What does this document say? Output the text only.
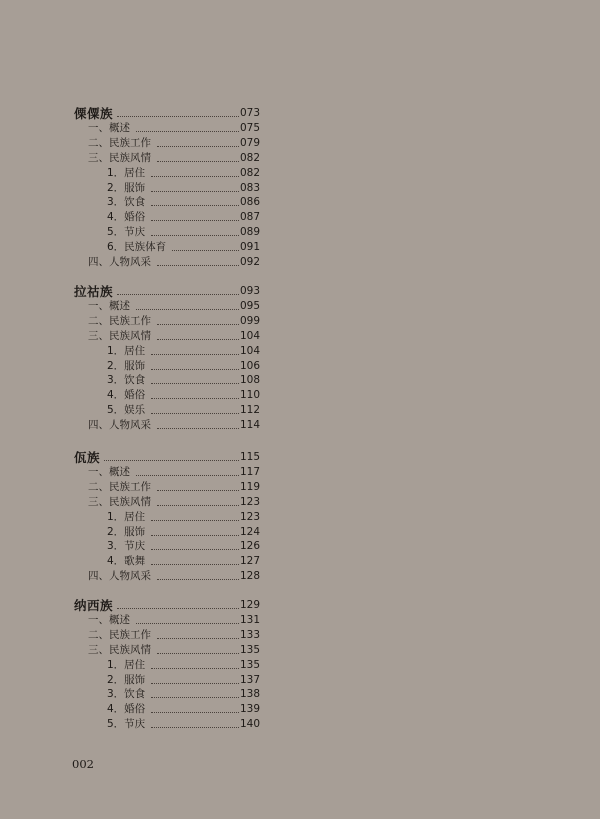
傈僳族	073
一、概述	075
二、民族工作	079
三、民族风情	082
1．居住	082
2．服饰	083
3．饮食	086
4．婚俗	087
5．节庆	089
6．民族体育	091
四、人物风采	092
拉祜族	093
一、概述	095
二、民族工作	099
三、民族风情	104
1．居住	104
2．服饰	106
3．饮食	108
4．婚俗	110
5．娱乐	112
四、人物风采	114
佤族	115
一、概述	117
二、民族工作	119
三、民族风情	123
1．居住	123
2．服饰	124
3．节庆	126
4．歌舞	127
四、人物风采	128
纳西族	129
一、概述	131
二、民族工作	133
三、民族风情	135
1．居住	135
2．服饰	137
3．饮食	138
4．婚俗	139
5．节庆	140
002
